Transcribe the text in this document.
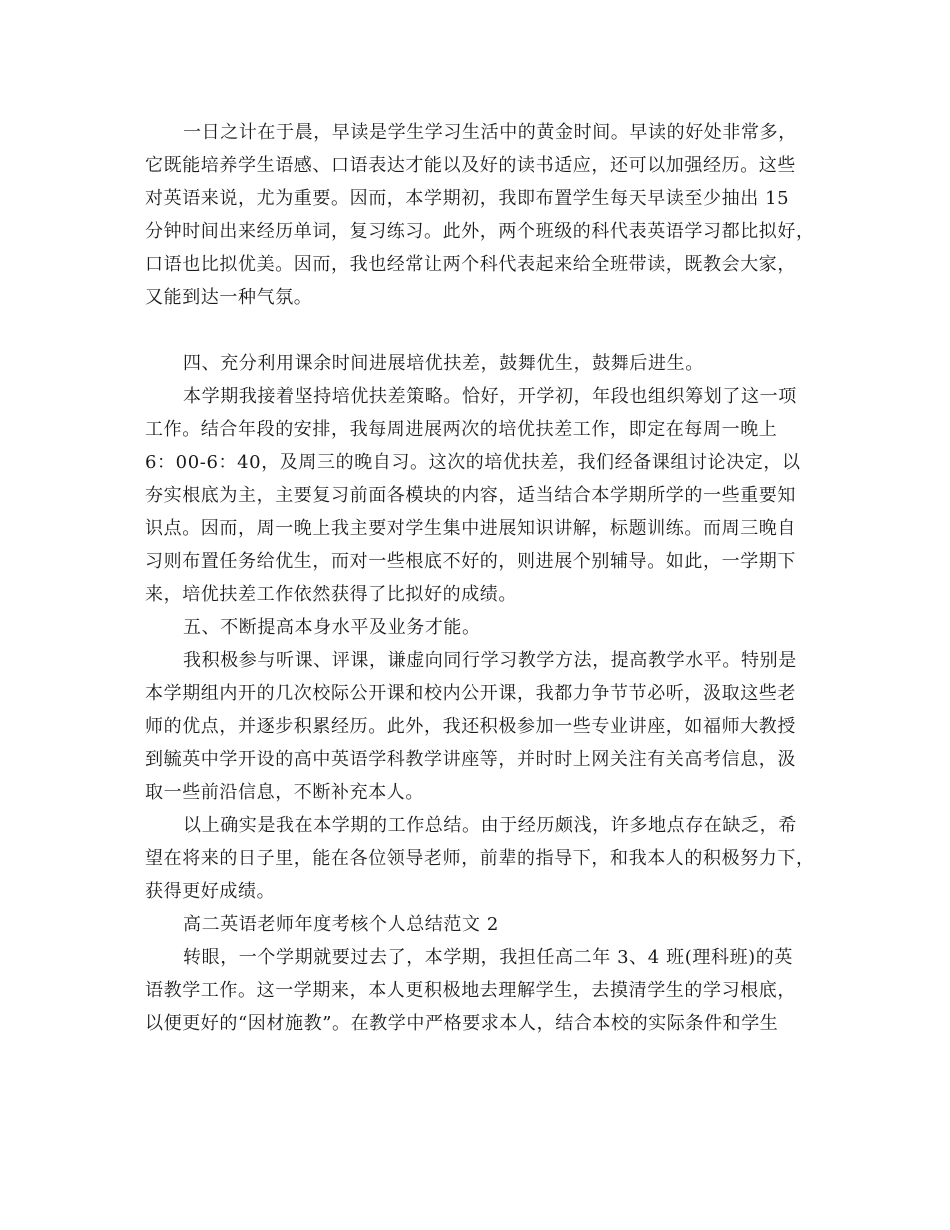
一日之计在于晨，早读是学生学习生活中的黄金时间。早读的好处非常多，
它既能培养学生语感、口语表达才能以及好的读书适应，还可以加强经历。这些
对英语来说，尤为重要。因而，本学期初，我即布置学生每天早读至少抽出 15
分钟时间出来经历单词，复习练习。此外，两个班级的科代表英语学习都比拟好，
口语也比拟优美。因而，我也经常让两个科代表起来给全班带读，既教会大家，
又能到达一种气氛。
四、充分利用课余时间进展培优扶差，鼓舞优生，鼓舞后进生。
本学期我接着坚持培优扶差策略。恰好，开学初，年段也组织筹划了这一项
工作。结合年段的安排，我每周进展两次的培优扶差工作，即定在每周一晚上
6：00-6：40，及周三的晚自习。这次的培优扶差，我们经备课组讨论决定，以
夯实根底为主，主要复习前面各模块的内容，适当结合本学期所学的一些重要知
识点。因而，周一晚上我主要对学生集中进展知识讲解，标题训练。而周三晚自
习则布置任务给优生，而对一些根底不好的，则进展个别辅导。如此，一学期下
来，培优扶差工作依然获得了比拟好的成绩。
五、不断提高本身水平及业务才能。
我积极参与听课、评课，谦虚向同行学习教学方法，提高教学水平。特别是
本学期组内开的几次校际公开课和校内公开课，我都力争节节必听，汲取这些老
师的优点，并逐步积累经历。此外，我还积极参加一些专业讲座，如福师大教授
到毓英中学开设的高中英语学科教学讲座等，并时时上网关注有关高考信息，汲
取一些前沿信息，不断补充本人。
以上确实是我在本学期的工作总结。由于经历颇浅，许多地点存在缺乏，希
望在将来的日子里，能在各位领导老师，前辈的指导下，和我本人的积极努力下，
获得更好成绩。
高二英语老师年度考核个人总结范文 2
转眼，一个学期就要过去了，本学期，我担任高二年 3、4 班(理科班)的英
语教学工作。这一学期来，本人更积极地去理解学生，去摸清学生的学习根底，
以便更好的“因材施教”。在教学中严格要求本人，结合本校的实际条件和学生
